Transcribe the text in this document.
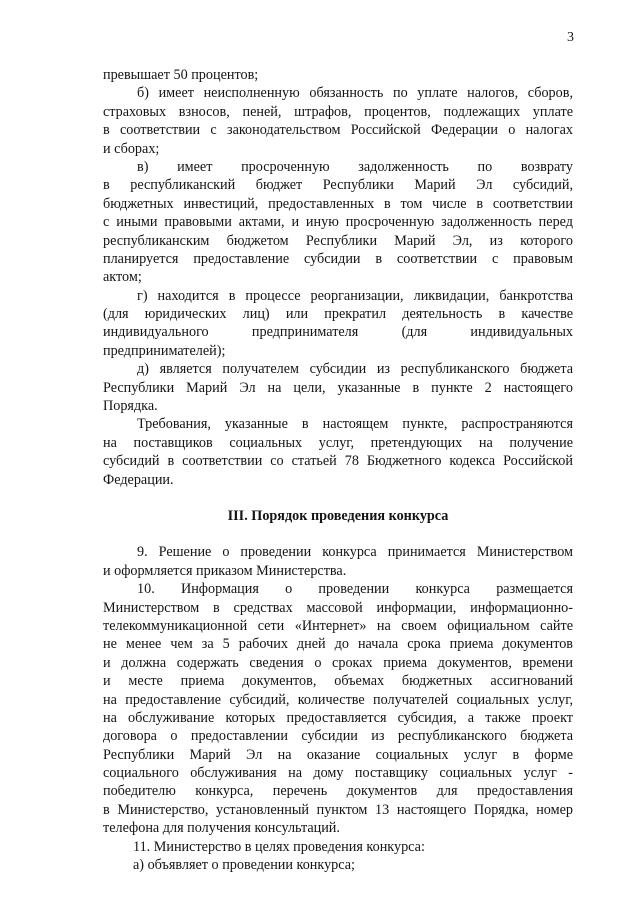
3
превышает 50 процентов;
б) имеет неисполненную обязанность по уплате налогов, сборов,
страховых взносов, пеней, штрафов, процентов, подлежащих уплате
в соответствии с законодательством Российской Федерации о налогах
и сборах;
в) имеет просроченную задолженность по возврату
в республиканский бюджет Республики Марий Эл субсидий,
бюджетных инвестиций, предоставленных в том числе в соответствии
с иными правовыми актами, и иную просроченную задолженность перед
республиканским бюджетом Республики Марий Эл, из которого
планируется предоставление субсидии в соответствии с правовым
актом;
г) находится в процессе реорганизации, ликвидации, банкротства
(для юридических лиц) или прекратил деятельность в качестве
индивидуального предпринимателя (для индивидуальных
предпринимателей);
д) является получателем субсидии из республиканского бюджета
Республики Марий Эл на цели, указанные в пункте 2 настоящего
Порядка.
Требования, указанные в настоящем пункте, распространяются
на поставщиков социальных услуг, претендующих на получение
субсидий в соответствии со статьей 78 Бюджетного кодекса Российской
Федерации.
III. Порядок проведения конкурса
9. Решение о проведении конкурса принимается Министерством
и оформляется приказом Министерства.
10. Информация о проведении конкурса размещается
Министерством в средствах массовой информации, информационно-
телекоммуникационной сети «Интернет» на своем официальном сайте
не менее чем за 5 рабочих дней до начала срока приема документов
и должна содержать сведения о сроках приема документов, времени
и месте приема документов, объемах бюджетных ассигнований
на предоставление субсидий, количестве получателей социальных услуг,
на обслуживание которых предоставляется субсидия, а также проект
договора о предоставлении субсидии из республиканского бюджета
Республики Марий Эл на оказание социальных услуг в форме
социального обслуживания на дому поставщику социальных услуг -
победителю конкурса, перечень документов для предоставления
в Министерство, установленный пунктом 13 настоящего Порядка, номер
телефона для получения консультаций.
11. Министерство в целях проведения конкурса:
а) объявляет о проведении конкурса;
